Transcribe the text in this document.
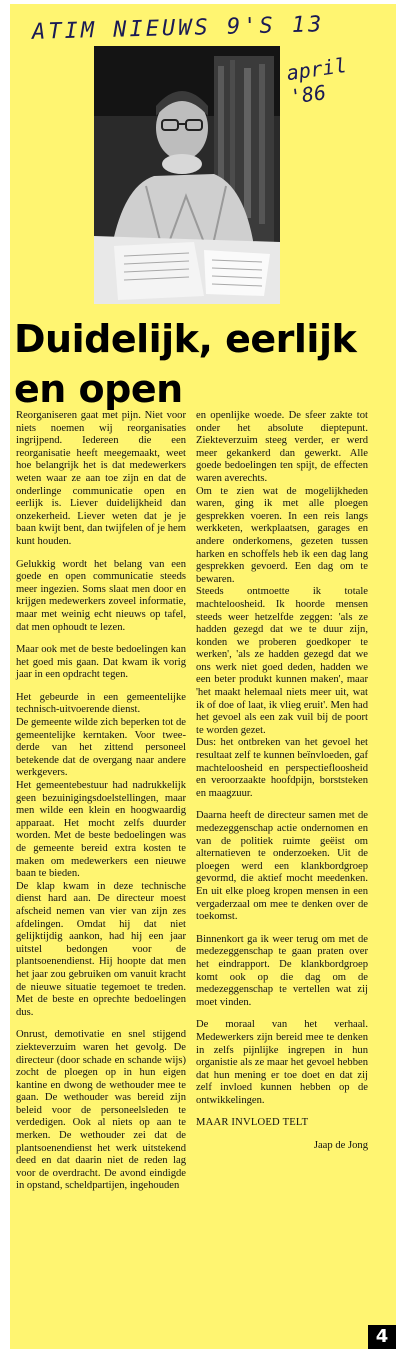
ATIM NIEUWS 9'S 13
april '86
Duidelijk, eerlijk
en open

Reorganiseren gaat met pijn. Niet voor niets noemen wij reorganisaties ingrijpend. Iedereen die een reorganisatie heeft meegemaakt, weet hoe belangrijk het is dat medewerkers weten waar ze aan toe zijn en dat de onderlinge communicatie open en eerlijk is. Liever duidelijkheid dan onzekerheid. Liever weten dat je je baan kwijt bent, dan twijfelen of je hem kunt houden.

Gelukkig wordt het belang van een goede en open communicatie steeds meer ingezien. Soms slaat men door en krijgen medewerkers zoveel informatie, maar met weinig echt nieuws op tafel, dat men ophoudt te lezen.

Maar ook met de beste bedoelingen kan het goed mis gaan. Dat kwam ik vorig jaar in een opdracht tegen.

Het gebeurde in een gemeentelijke technisch-uitvoerende dienst.

De gemeente wilde zich beperken tot de gemeentelijke kerntaken. Voor twee-derde van het zittend personeel betekende dat de overgang naar andere werkgevers.

Het gemeentebestuur had nadrukkelijk geen bezuinigingsdoelstellingen, maar men wilde een klein en hoogwaardig apparaat. Het mocht zelfs duurder worden. Met de beste bedoelingen was de gemeente bereid extra kosten te maken om medewerkers een nieuwe baan te bieden.

De klap kwam in deze technische dienst hard aan. De directeur moest afscheid nemen van vier van zijn zes afdelingen. Omdat hij dat niet gelijktijdig aankon, had hij een jaar uitstel bedongen voor de plantsoenendienst. Hij hoopte dat men het jaar zou gebruiken om vanuit kracht de nieuwe situatie tegemoet te treden. Met de beste en oprechte bedoelingen dus.

Onrust, demotivatie en snel stijgend ziekteverzuim waren het gevolg. De directeur (door schade en schande wijs) zocht de ploegen op in hun eigen kantine en dwong de wethouder mee te gaan. De wethouder was bereid zijn beleid voor de personeelsleden te verdedigen. Ook al niets op aan te merken. De wethouder zei dat de plantsoenendienst het werk uitstekend deed en dat daarin niet de reden lag voor de overdracht. De avond eindigde in opstand, scheldpartijen, ingehouden

en openlijke woede. De sfeer zakte tot onder het absolute dieptepunt. Ziekteverzuim steeg verder, er werd meer gekankerd dan gewerkt. Alle goede bedoelingen ten spijt, de effecten waren averechts.

Om te zien wat de mogelijkheden waren, ging ik met alle ploegen gesprekken voeren. In een reis langs werkketen, werkplaatsen, garages en andere onderkomens, gezeten tussen harken en schoffels heb ik een dag lang gesprekken gevoerd. Een dag om te bewaren.

Steeds ontmoette ik totale machteloosheid. Ik hoorde mensen steeds weer hetzelfde zeggen: 'als ze hadden gezegd dat we te duur zijn, konden we proberen goedkoper te werken', 'als ze hadden gezegd dat we ons werk niet goed deden, hadden we een beter produkt kunnen maken', maar 'het maakt helemaal niets meer uit, wat ik of doe of laat, ik vlieg eruit'. Men had het gevoel als een zak vuil bij de poort te worden gezet.

Dus: het ontbreken van het gevoel het resultaat zelf te kunnen beïnvloeden, gaf machteloosheid en perspectiefloosheid en veroorzaakte hoofdpijn, borststeken en maagzuur.

Daarna heeft de directeur samen met de medezeggenschap actie ondernomen en van de politiek ruimte geëist om alternatieven te onderzoeken. Uit de ploegen werd een klankbordgroep gevormd, die aktief mocht meedenken. En uit elke ploeg kropen mensen in een vergaderzaal om mee te denken over de toekomst.

Binnenkort ga ik weer terug om met de medezeggenschap te gaan praten over het eindrapport. De klankbordgroep komt ook op die dag om de medezeggenschap te vertellen wat zij moet vinden.

De moraal van het verhaal. Medewerkers zijn bereid mee te denken in zelfs pijnlijke ingrepen in hun organistie als ze maar het gevoel hebben dat hun mening er toe doet en dat zij zelf invloed kunnen hebben op de ontwikkelingen.

MAAR INVLOED TELT

Jaap de Jong

4
